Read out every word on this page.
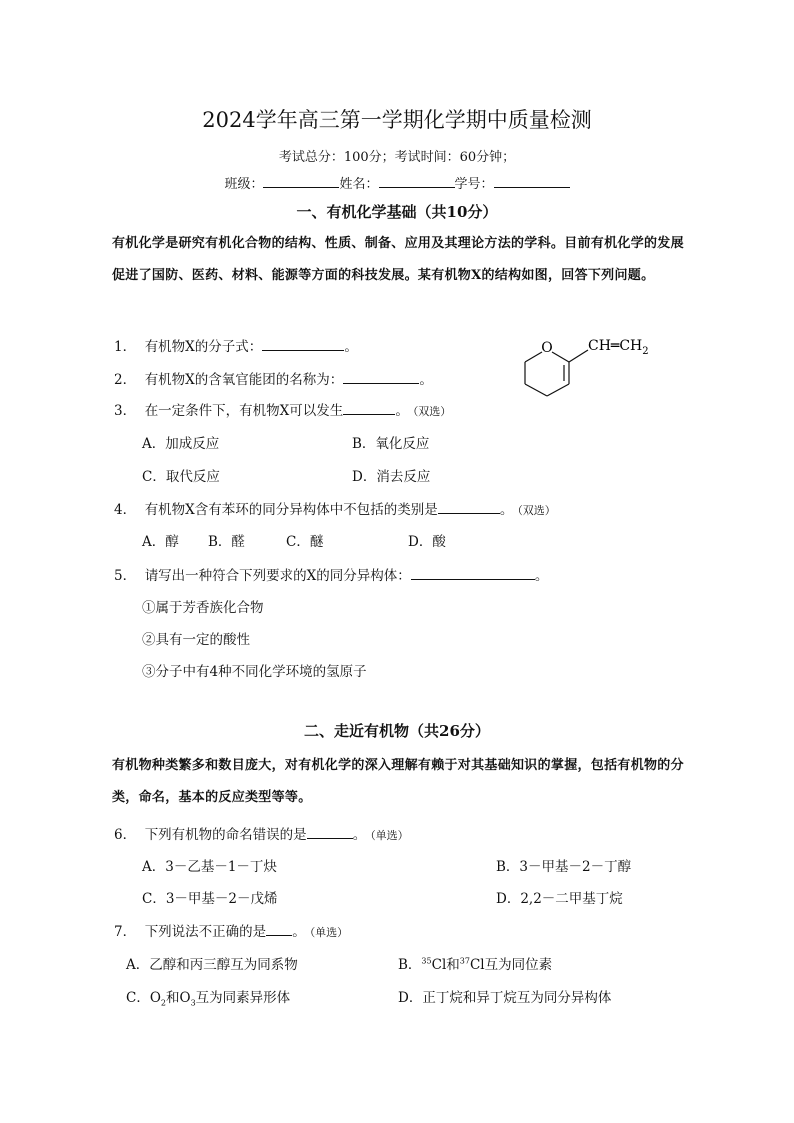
2024学年高三第一学期化学期中质量检测
考试总分：100分；考试时间：60分钟；
班级：	姓名：	学号：
一、有机化学基础（共10分）
有机化学是研究有机化合物的结构、性质、制备、应用及其理论方法的学科。目前有机化学的发展促进了国防、医药、材料、能源等方面的科技发展。某有机物X的结构如图，回答下列问题。
O	$CH═CH_2$
1． 有机物X的分子式：	。
2． 有机物X的含氧官能团的名称为：	。
3． 在一定条件下，有机物X可以发生	。 （双选）
A．加成反应	B．氧化反应
C．取代反应	D．消去反应
4． 有机物X含有苯环的同分异构体中不包括的类别是	。 （双选）
A．醇 B．醛	C．醚	D．酸
5． 请写出一种符合下列要求的X的同分异构体：	。
①属于芳香族化合物
②具有一定的酸性
③分子中有4种不同化学环境的氢原子
二、走近有机物（共26分）
有机物种类繁多和数目庞大，对有机化学的深入理解有赖于对其基础知识的掌握，包括有机物的分类，命名，基本的反应类型等等。
6． 下列有机物的命名错误的是	。 （单选）
A．3－乙基－1－丁炔	B．3－甲基－2－丁醇
C．3－甲基－2－戊烯	D．2,2－二甲基丁烷
7． 下列说法不正确的是 。 （单选）
A．乙醇和丙三醇互为同系物	B．$^{35}$Cl和$^{37}$Cl互为同位素
C．$O_2$和$O_3$互为同素异形体	D．正丁烷和异丁烷互为同分异构体
